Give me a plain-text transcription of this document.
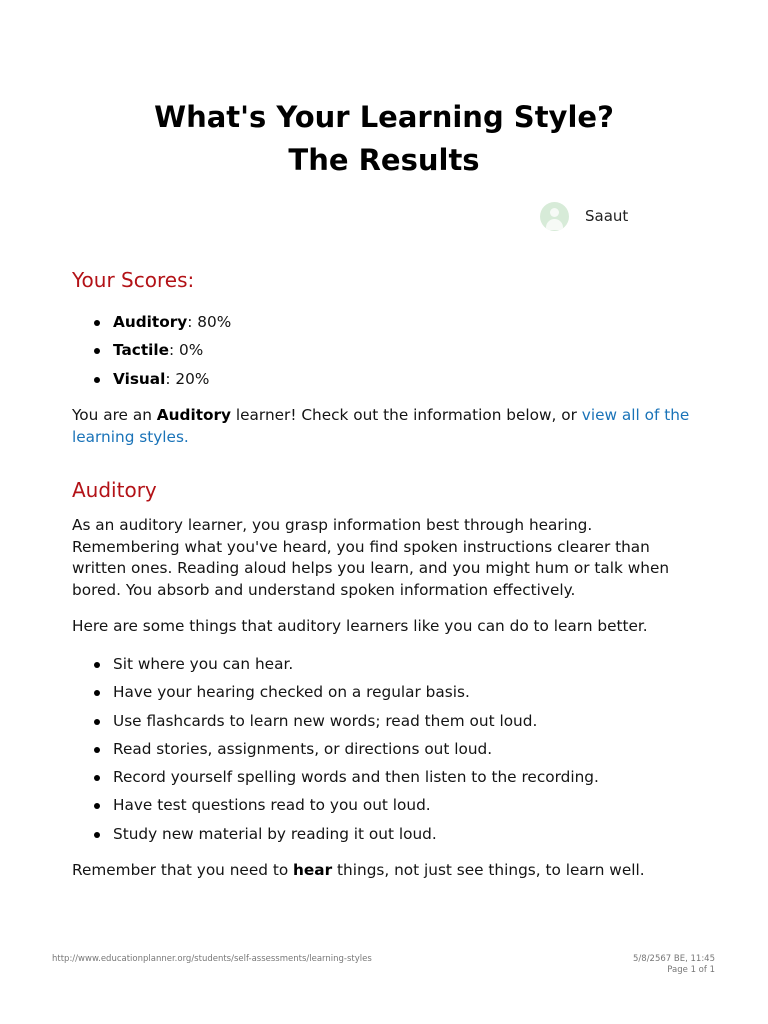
What's Your Learning Style?
The Results
Saaut
Your Scores:
Auditory: 80%
Tactile: 0%
Visual: 20%
You are an Auditory learner! Check out the information below, or view all of the learning styles.
Auditory
As an auditory learner, you grasp information best through hearing. Remembering what you've heard, you find spoken instructions clearer than written ones. Reading aloud helps you learn, and you might hum or talk when bored. You absorb and understand spoken information effectively.
Here are some things that auditory learners like you can do to learn better.
Sit where you can hear.
Have your hearing checked on a regular basis.
Use flashcards to learn new words; read them out loud.
Read stories, assignments, or directions out loud.
Record yourself spelling words and then listen to the recording.
Have test questions read to you out loud.
Study new material by reading it out loud.
Remember that you need to hear things, not just see things, to learn well.
http://www.educationplanner.org/students/self-assessments/learning-styles	5/8/2567 BE, 11:45
Page 1 of 1
